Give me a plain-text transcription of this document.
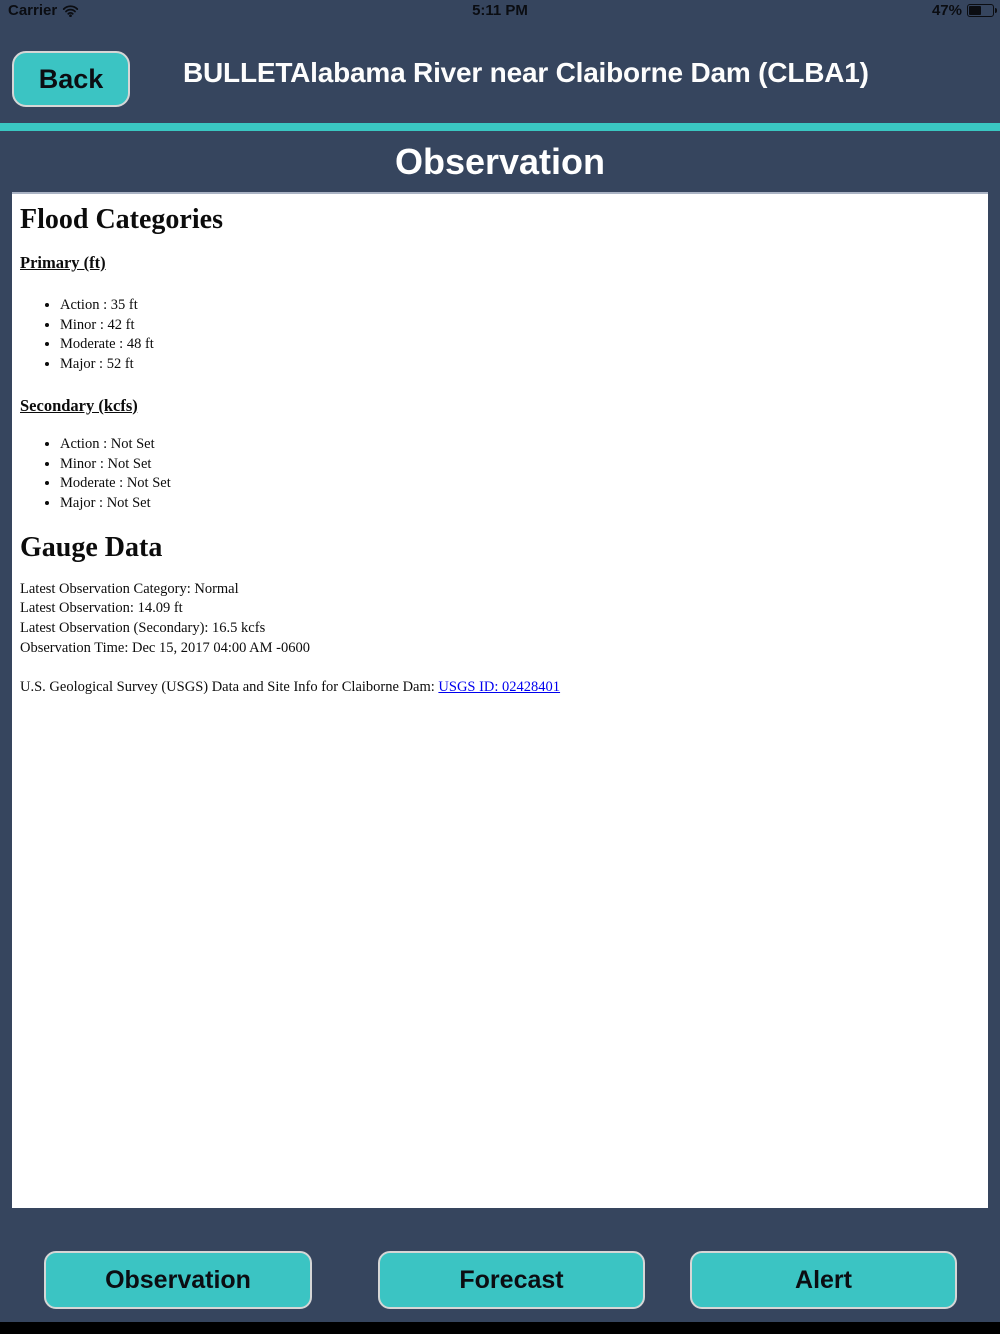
Carrier	5:11 PM	47%
Back	BULLETAlabama River near Claiborne Dam (CLBA1)
Observation
Flood Categories
Primary (ft)
• Action : 35 ft
• Minor : 42 ft
• Moderate : 48 ft
• Major : 52 ft
Secondary (kcfs)
• Action : Not Set
• Minor : Not Set
• Moderate : Not Set
• Major : Not Set
Gauge Data
Latest Observation Category: Normal
Latest Observation: 14.09 ft
Latest Observation (Secondary): 16.5 kcfs
Observation Time: Dec 15, 2017 04:00 AM -0600
U.S. Geological Survey (USGS) Data and Site Info for Claiborne Dam: USGS ID: 02428401
Observation	Forecast	Alert
